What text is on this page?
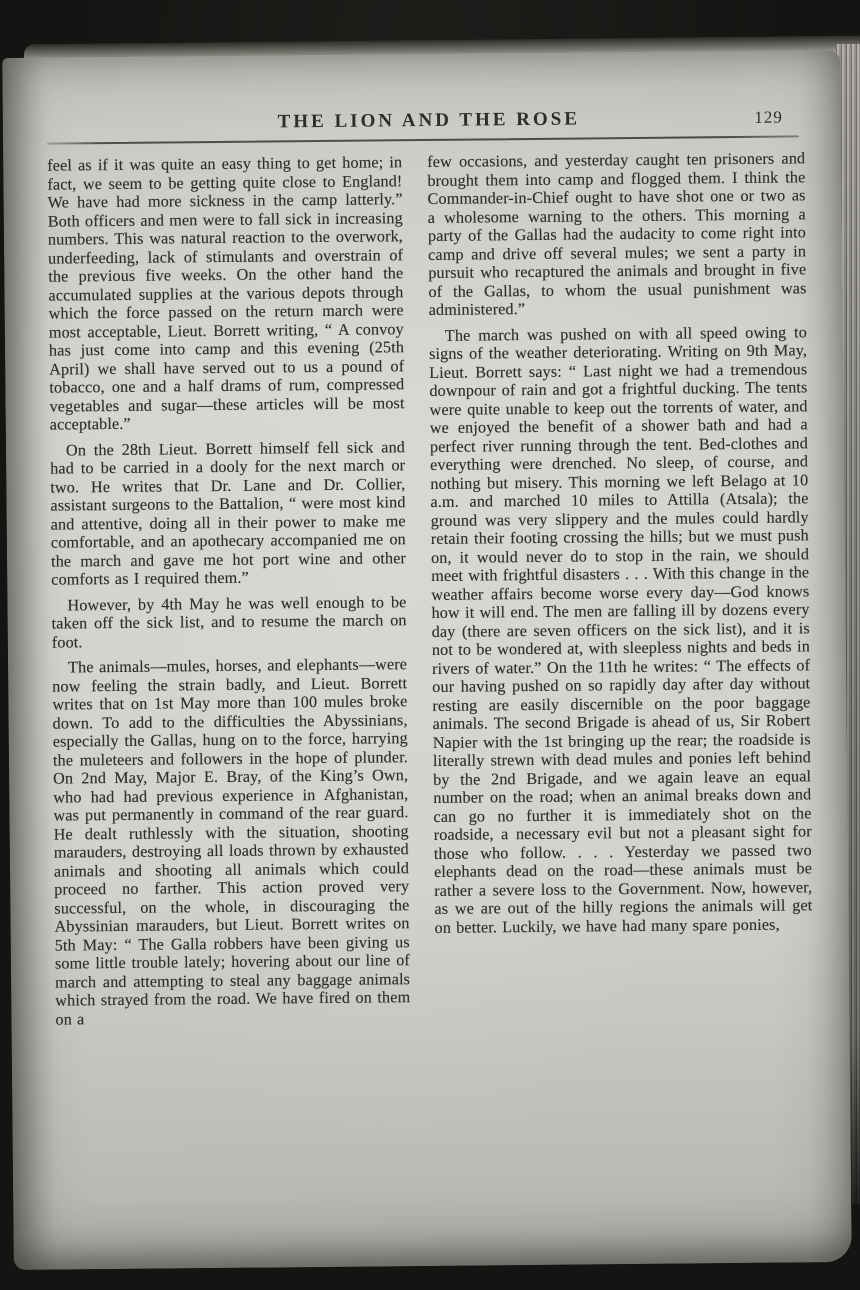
THE LION AND THE ROSE	129

feel as if it was quite an easy thing to get home; in fact, we seem to be getting quite close to England! We have had more sickness in the camp latterly.” Both officers and men were to fall sick in increasing numbers. This was natural reaction to the overwork, underfeeding, lack of stimulants and overstrain of the previous five weeks. On the other hand the accumulated supplies at the various depots through which the force passed on the return march were most acceptable, Lieut. Borrett writing, “ A convoy has just come into camp and this evening (25th April) we shall have served out to us a pound of tobacco, one and a half drams of rum, compressed vegetables and sugar—these articles will be most acceptable.”

On the 28th Lieut. Borrett himself fell sick and had to be carried in a dooly for the next march or two. He writes that Dr. Lane and Dr. Collier, assistant surgeons to the Battalion, “ were most kind and attentive, doing all in their power to make me comfortable, and an apothecary accompanied me on the march and gave me hot port wine and other comforts as I required them.”

However, by 4th May he was well enough to be taken off the sick list, and to resume the march on foot.

The animals—mules, horses, and elephants—were now feeling the strain badly, and Lieut. Borrett writes that on 1st May more than 100 mules broke down. To add to the difficulties the Abyssinians, especially the Gallas, hung on to the force, harrying the muleteers and followers in the hope of plunder. On 2nd May, Major E. Bray, of the King’s Own, who had had previous experience in Afghanistan, was put permanently in command of the rear guard. He dealt ruthlessly with the situation, shooting marauders, destroying all loads thrown by exhausted animals and shooting all animals which could proceed no farther. This action proved very successful, on the whole, in discouraging the Abyssinian marauders, but Lieut. Borrett writes on 5th May: “ The Galla robbers have been giving us some little trouble lately; hovering about our line of march and attempting to steal any baggage animals which strayed from the road. We have fired on them on a

few occasions, and yesterday caught ten prisoners and brought them into camp and flogged them. I think the Commander-in-Chief ought to have shot one or two as a wholesome warning to the others. This morning a party of the Gallas had the audacity to come right into camp and drive off several mules; we sent a party in pursuit who recaptured the animals and brought in five of the Gallas, to whom the usual punishment was administered.”

The march was pushed on with all speed owing to signs of the weather deteriorating. Writing on 9th May, Lieut. Borrett says: “ Last night we had a tremendous downpour of rain and got a frightful ducking. The tents were quite unable to keep out the torrents of water, and we enjoyed the benefit of a shower bath and had a perfect river running through the tent. Bed-clothes and everything were drenched. No sleep, of course, and nothing but misery. This morning we left Belago at 10 a.m. and marched 10 miles to Attilla (Atsala); the ground was very slippery and the mules could hardly retain their footing crossing the hills; but we must push on, it would never do to stop in the rain, we should meet with frightful disasters . . . With this change in the weather affairs become worse every day—God knows how it will end. The men are falling ill by dozens every day (there are seven officers on the sick list), and it is not to be wondered at, with sleepless nights and beds in rivers of water.” On the 11th he writes: “ The effects of our having pushed on so rapidly day after day without resting are easily discernible on the poor baggage animals. The second Brigade is ahead of us, Sir Robert Napier with the 1st bringing up the rear; the roadside is literally strewn with dead mules and ponies left behind by the 2nd Brigade, and we again leave an equal number on the road; when an animal breaks down and can go no further it is immediately shot on the roadside, a necessary evil but not a pleasant sight for those who follow. . . . Yesterday we passed two elephants dead on the road—these animals must be rather a severe loss to the Government. Now, however, as we are out of the hilly regions the animals will get on better. Luckily, we have had many spare ponies,
